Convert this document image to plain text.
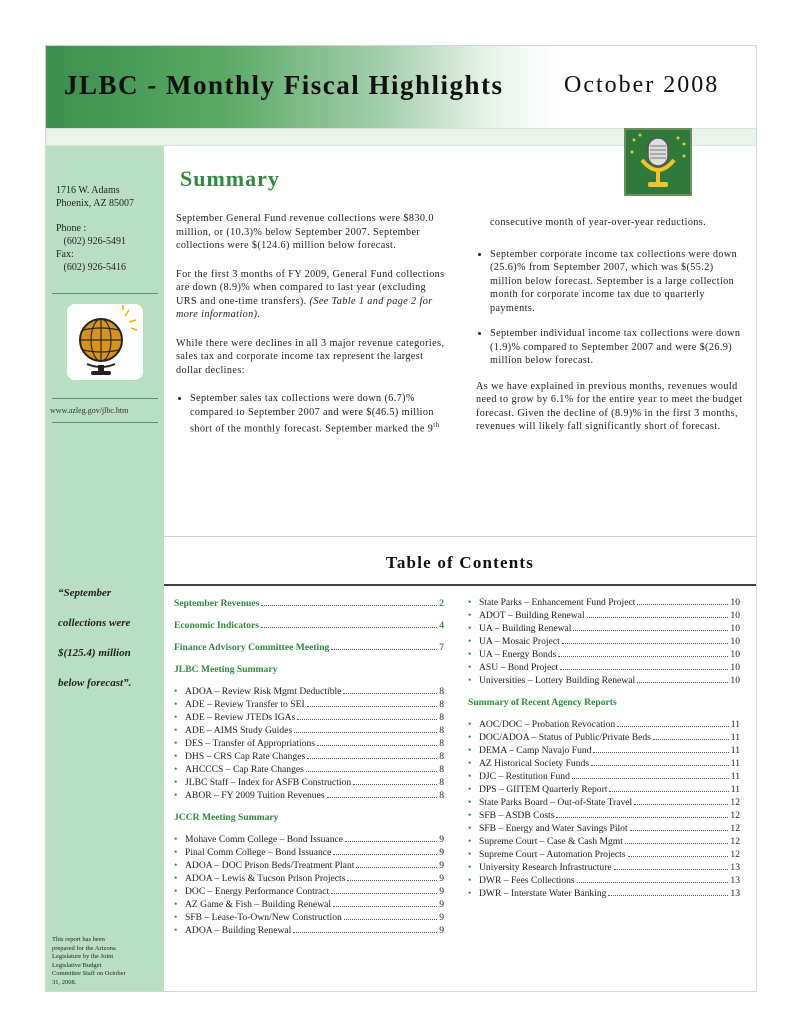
JLBC - Monthly Fiscal Highlights	October 2008
1716 W. Adams
Phoenix, AZ 85007
Phone :
(602) 926-5491
Fax:
(602) 926-5416
www.azleg.gov/jlbc.htm
“September
collections were
$(125.4) million
below forecast”.
This report has been prepared for the Arizona Legislature by the Joint Legislative Budget Committee Staff on October 31, 2008.
Summary

September General Fund revenue collections were $830.0 million, or (10.3)% below September 2007. September collections were $(124.6) million below forecast.

For the first 3 months of FY 2009, General Fund collections are down (8.9)% when compared to last year (excluding URS and one-time transfers). (See Table 1 and page 2 for more information).

While there were declines in all 3 major revenue categories, sales tax and corporate income tax represent the largest dollar declines:

• September sales tax collections were down (6.7)% compared to September 2007 and were $(46.5) million short of the monthly forecast. September marked the 9th

consecutive month of year-over-year reductions.

• September corporate income tax collections were down (25.6)% from September 2007, which was $(55.2) million below forecast. September is a large collection month for corporate income tax due to quarterly payments.
• September individual income tax collections were down (1.9)% compared to September 2007 and were $(26.9) million below forecast.

As we have explained in previous months, revenues would need to grow by 6.1% for the entire year to meet the budget forecast. Given the decline of (8.9)% in the first 3 months, revenues will likely fall significantly short of forecast.

Table of Contents
September Revenues	2
Economic Indicators	4
Finance Advisory Committee Meeting	7
JLBC Meeting Summary
• ADOA – Review Risk Mgmt Deductible	8
• ADE – Review Transfer to SEI	8
• ADE – Review JTEDs IGAs	8
• ADE – AIMS Study Guides	8
• DES – Transfer of Appropriations	8
• DHS – CRS Cap Rate Changes	8
• AHCCCS – Cap Rate Changes	8
• JLBC Staff – Index for ASFB Construction	8
• ABOR – FY 2009 Tuition Revenues	8
JCCR Meeting Summary
• Mohave Comm College – Bond Issuance	9
• Pinal Comm College – Bond Issuance	9
• ADOA – DOC Prison Beds/Treatment Plant	9
• ADOA – Lewis & Tucson Prison Projects	9
• DOC – Energy Performance Contract	9
• AZ Game & Fish – Building Renewal	9
• SFB – Lease-To-Own/New Construction	9
• ADOA – Building Renewal	9
• State Parks – Enhancement Fund Project	10
• ADOT – Building Renewal	10
• UA – Building Renewal	10
• UA – Mosaic Project	10
• UA – Energy Bonds	10
• ASU – Bond Project	10
• Universities – Lottery Building Renewal	10
Summary of Recent Agency Reports
• AOC/DOC – Probation Revocation	11
• DOC/ADOA – Status of Public/Private Beds	11
• DEMA – Camp Navajo Fund	11
• AZ Historical Society Funds	11
• DJC – Restitution Fund	11
• DPS – GIITEM Quarterly Report	11
• State Parks Board – Out-of-State Travel	12
• SFB – ASDB Costs	12
• SFB – Energy and Water Savings Pilot	12
• Supreme Court – Case & Cash Mgmt	12
• Supreme Court – Automation Projects	12
• University Research Infrastructure	13
• DWR – Fees Collections	13
• DWR – Interstate Water Banking	13
